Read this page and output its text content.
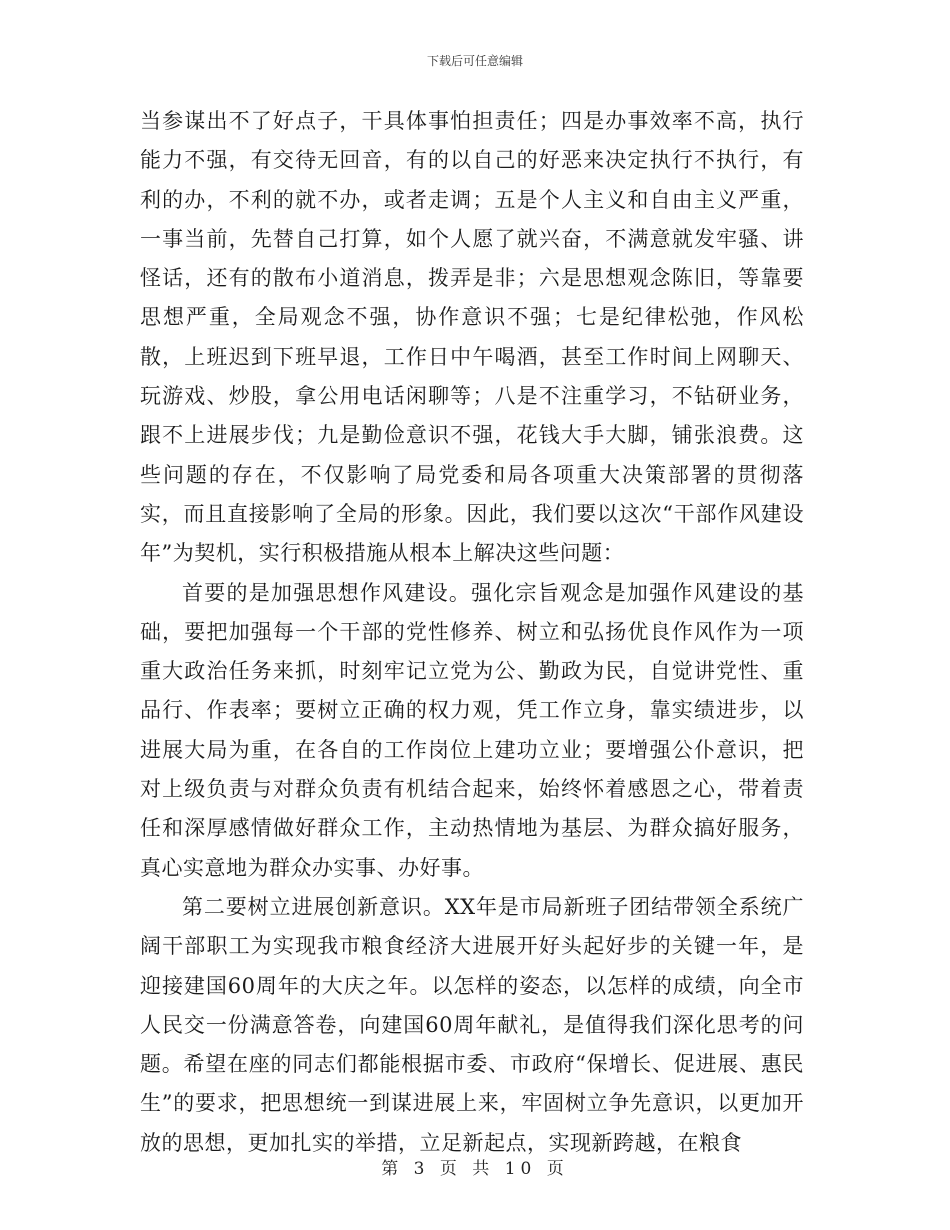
下载后可任意编辑

当参谋出不了好点子，干具体事怕担责任；四是办事效率不高，执行能力不强，有交待无回音，有的以自己的好恶来决定执行不执行，有利的办，不利的就不办，或者走调；五是个人主义和自由主义严重，一事当前，先替自己打算，如个人愿了就兴奋，不满意就发牢骚、讲怪话，还有的散布小道消息，拨弄是非；六是思想观念陈旧，等靠要思想严重，全局观念不强，协作意识不强；七是纪律松弛，作风松散，上班迟到下班早退，工作日中午喝酒，甚至工作时间上网聊天、玩游戏、炒股，拿公用电话闲聊等；八是不注重学习，不钻研业务，跟不上进展步伐；九是勤俭意识不强，花钱大手大脚，铺张浪费。这些问题的存在，不仅影响了局党委和局各项重大决策部署的贯彻落实，而且直接影响了全局的形象。因此，我们要以这次“干部作风建设年”为契机，实行积极措施从根本上解决这些问题：

首要的是加强思想作风建设。强化宗旨观念是加强作风建设的基础，要把加强每一个干部的党性修养、树立和弘扬优良作风作为一项重大政治任务来抓，时刻牢记立党为公、勤政为民，自觉讲党性、重品行、作表率；要树立正确的权力观，凭工作立身，靠实绩进步，以进展大局为重，在各自的工作岗位上建功立业；要增强公仆意识，把对上级负责与对群众负责有机结合起来，始终怀着感恩之心，带着责任和深厚感情做好群众工作，主动热情地为基层、为群众搞好服务，真心实意地为群众办实事、办好事。

第二要树立进展创新意识。XX年是市局新班子团结带领全系统广阔干部职工为实现我市粮食经济大进展开好头起好步的关键一年，是迎接建国60周年的大庆之年。以怎样的姿态，以怎样的成绩，向全市人民交一份满意答卷，向建国60周年献礼，是值得我们深化思考的问题。希望在座的同志们都能根据市委、市政府“保增长、促进展、惠民生”的要求，把思想统一到谋进展上来，牢固树立争先意识，以更加开放的思想，更加扎实的举措，立足新起点，实现新跨越，在粮食

第 3 页 共 10 页
